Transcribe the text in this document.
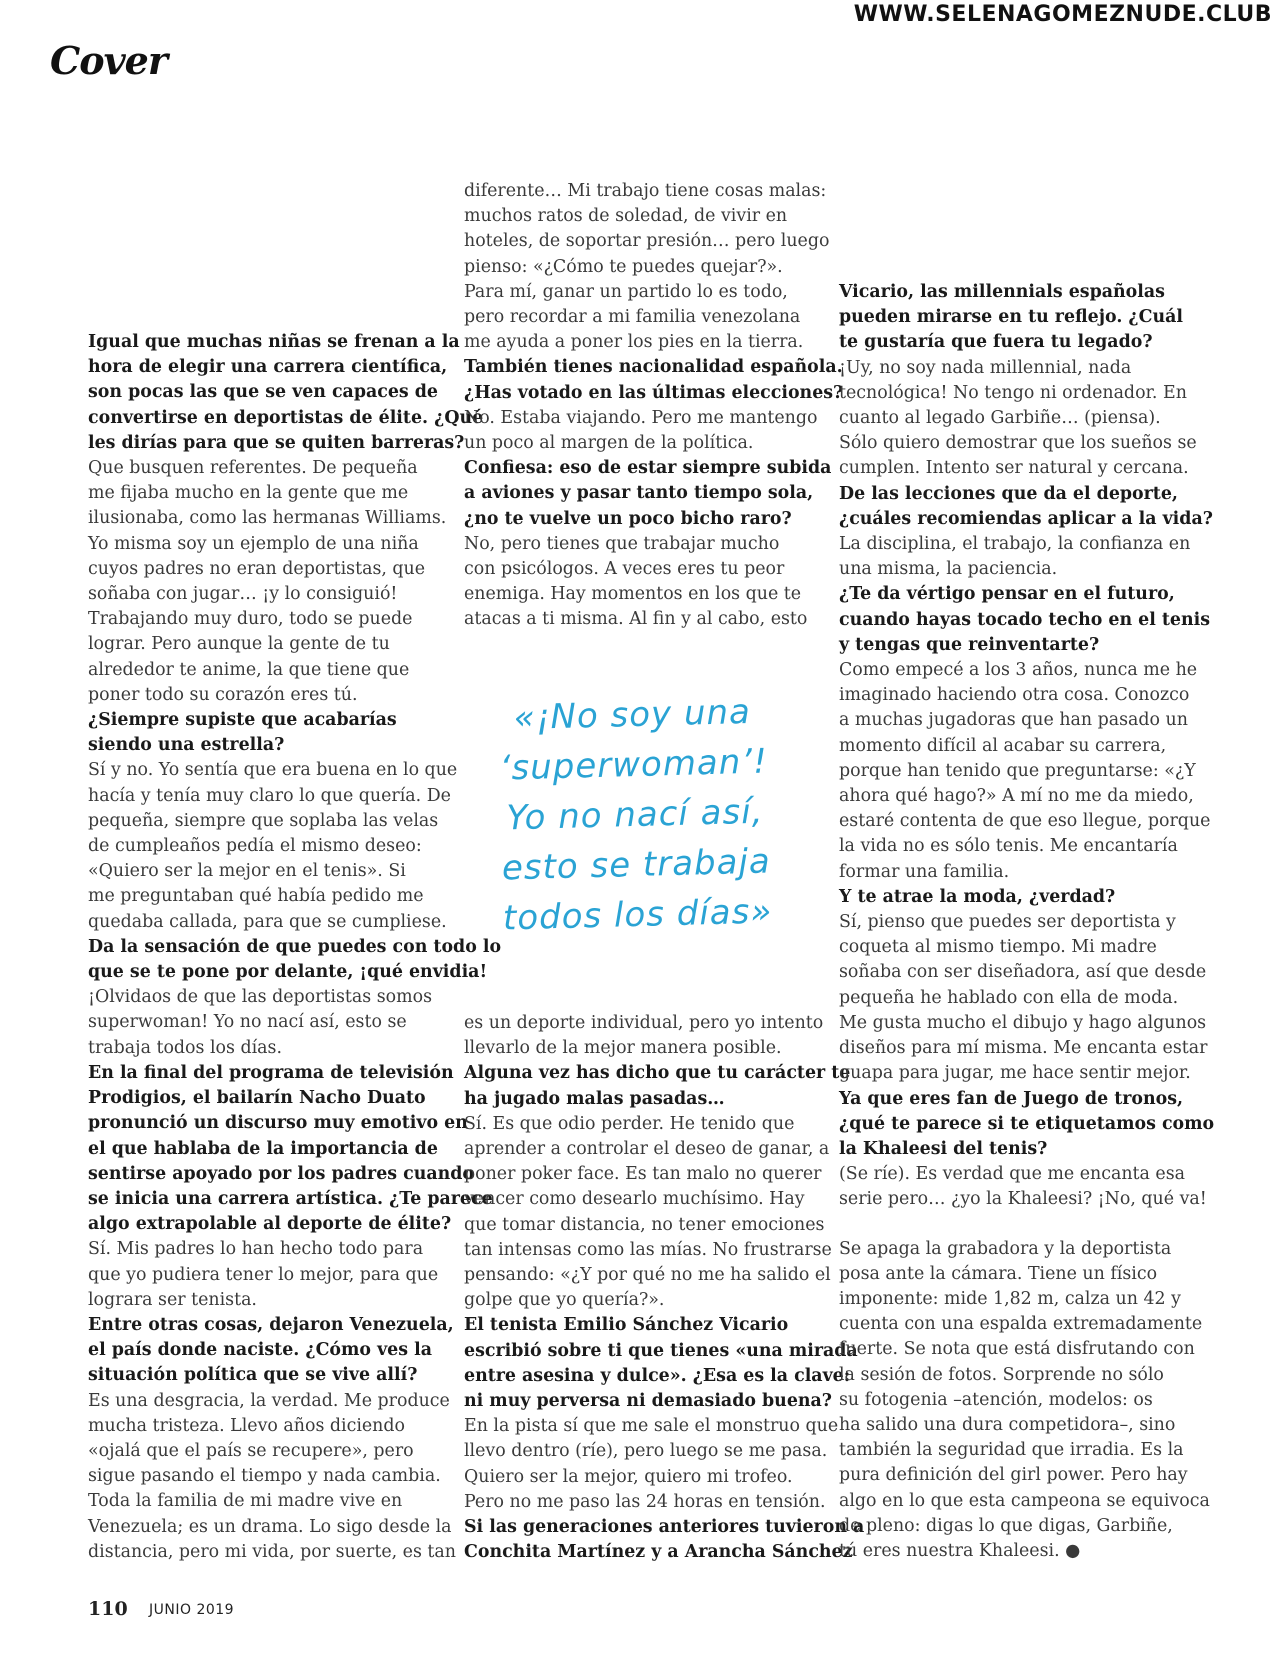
WWW.SELENAGOMEZNUDE.CLUB
Cover

Igual que muchas niñas se frenan a la

hora de elegir una carrera científica,

son pocas las que se ven capaces de

convertirse en deportistas de élite. ¿Qué

les dirías para que se quiten barreras?

Que busquen referentes. De pequeña

me fijaba mucho en la gente que me

ilusionaba, como las hermanas Williams.

Yo misma soy un ejemplo de una niña

cuyos padres no eran deportistas, que

soñaba con jugar… ¡y lo consiguió!

Trabajando muy duro, todo se puede

lograr. Pero aunque la gente de tu

alrededor te anime, la que tiene que

poner todo su corazón eres tú.

¿Siempre supiste que acabarías

siendo una estrella?

Sí y no. Yo sentía que era buena en lo que

hacía y tenía muy claro lo que quería. De

pequeña, siempre que soplaba las velas

de cumpleaños pedía el mismo deseo:

«Quiero ser la mejor en el tenis». Si

me preguntaban qué había pedido me

quedaba callada, para que se cumpliese.

Da la sensación de que puedes con todo lo

que se te pone por delante, ¡qué envidia!

¡Olvidaos de que las deportistas somos

superwoman! Yo no nací así, esto se

trabaja todos los días.

En la final del programa de televisión

Prodigios, el bailarín Nacho Duato

pronunció un discurso muy emotivo en

el que hablaba de la importancia de

sentirse apoyado por los padres cuando

se inicia una carrera artística. ¿Te parece

algo extrapolable al deporte de élite?

Sí. Mis padres lo han hecho todo para

que yo pudiera tener lo mejor, para que

lograra ser tenista.

Entre otras cosas, dejaron Venezuela,

el país donde naciste. ¿Cómo ves la

situación política que se vive allí?

Es una desgracia, la verdad. Me produce

mucha tristeza. Llevo años diciendo

«ojalá que el país se recupere», pero

sigue pasando el tiempo y nada cambia.

Toda la familia de mi madre vive en

Venezuela; es un drama. Lo sigo desde la

distancia, pero mi vida, por suerte, es tan

diferente… Mi trabajo tiene cosas malas:

muchos ratos de soledad, de vivir en

hoteles, de soportar presión… pero luego

pienso: «¿Cómo te puedes quejar?».

Para mí, ganar un partido lo es todo,

pero recordar a mi familia venezolana

me ayuda a poner los pies en la tierra.

También tienes nacionalidad española.

¿Has votado en las últimas elecciones?

No. Estaba viajando. Pero me mantengo

un poco al margen de la política.

Confiesa: eso de estar siempre subida

a aviones y pasar tanto tiempo sola,

¿no te vuelve un poco bicho raro?

No, pero tienes que trabajar mucho

con psicólogos. A veces eres tu peor

enemiga. Hay momentos en los que te

atacas a ti misma. Al fin y al cabo, esto

«¡No soy una
‘superwoman’!
Yo no nací así,
esto se trabaja
todos los días»

es un deporte individual, pero yo intento

llevarlo de la mejor manera posible.

Alguna vez has dicho que tu carácter te

ha jugado malas pasadas…

Sí. Es que odio perder. He tenido que

aprender a controlar el deseo de ganar, a

poner poker face. Es tan malo no querer

vencer como desearlo muchísimo. Hay

que tomar distancia, no tener emociones

tan intensas como las mías. No frustrarse

pensando: «¿Y por qué no me ha salido el

golpe que yo quería?».

El tenista Emilio Sánchez Vicario

escribió sobre ti que tienes «una mirada

entre asesina y dulce». ¿Esa es la clave:

ni muy perversa ni demasiado buena?

En la pista sí que me sale el monstruo que

llevo dentro (ríe), pero luego se me pasa.

Quiero ser la mejor, quiero mi trofeo.

Pero no me paso las 24 horas en tensión.

Si las generaciones anteriores tuvieron a

Conchita Martínez y a Arancha Sánchez

Vicario, las millennials españolas

pueden mirarse en tu reflejo. ¿Cuál

te gustaría que fuera tu legado?

¡Uy, no soy nada millennial, nada

tecnológica! No tengo ni ordenador. En

cuanto al legado Garbiñe… (piensa).

Sólo quiero demostrar que los sueños se

cumplen. Intento ser natural y cercana.

De las lecciones que da el deporte,

¿cuáles recomiendas aplicar a la vida?

La disciplina, el trabajo, la confianza en

una misma, la paciencia.

¿Te da vértigo pensar en el futuro,

cuando hayas tocado techo en el tenis

y tengas que reinventarte?

Como empecé a los 3 años, nunca me he

imaginado haciendo otra cosa. Conozco

a muchas jugadoras que han pasado un

momento difícil al acabar su carrera,

porque han tenido que preguntarse: «¿Y

ahora qué hago?» A mí no me da miedo,

estaré contenta de que eso llegue, porque

la vida no es sólo tenis. Me encantaría

formar una familia.

Y te atrae la moda, ¿verdad?

Sí, pienso que puedes ser deportista y

coqueta al mismo tiempo. Mi madre

soñaba con ser diseñadora, así que desde

pequeña he hablado con ella de moda.

Me gusta mucho el dibujo y hago algunos

diseños para mí misma. Me encanta estar

guapa para jugar, me hace sentir mejor.

Ya que eres fan de Juego de tronos,

¿qué te parece si te etiquetamos como

la Khaleesi del tenis?

(Se ríe). Es verdad que me encanta esa

serie pero… ¿yo la Khaleesi? ¡No, qué va!

Se apaga la grabadora y la deportista

posa ante la cámara. Tiene un físico

imponente: mide 1,82 m, calza un 42 y

cuenta con una espalda extremadamente

fuerte. Se nota que está disfrutando con

la sesión de fotos. Sorprende no sólo

su fotogenia –atención, modelos: os

ha salido una dura competidora–, sino

también la seguridad que irradia. Es la

pura definición del girl power. Pero hay

algo en lo que esta campeona se equivoca

de pleno: digas lo que digas, Garbiñe,

tú eres nuestra Khaleesi. ●

110 JUNIO 2019
